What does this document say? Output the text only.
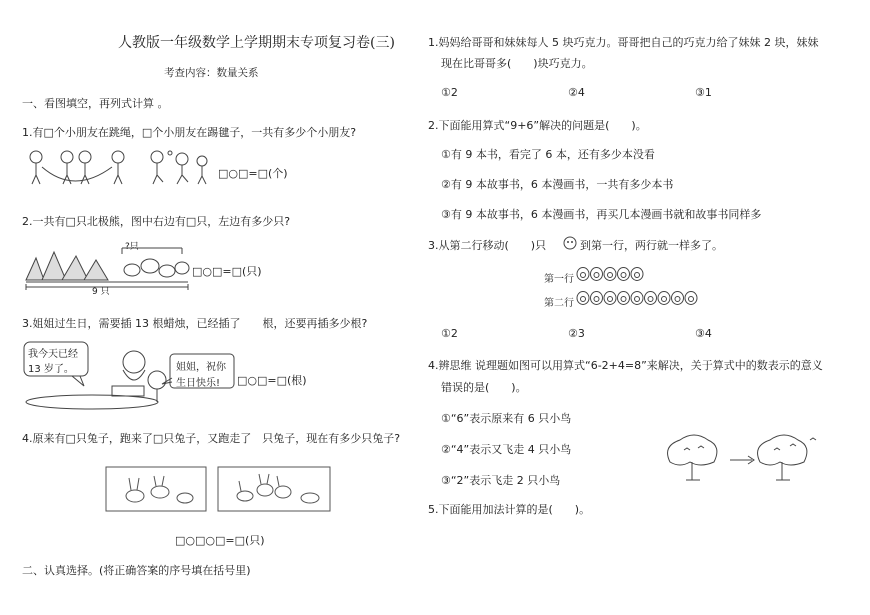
人教版一年级数学上学期期末专项复习卷(三)
考查内容：数量关系
一、看图填空，再列式计算 。
1.有□个小朋友在跳绳，□个小朋友在踢毽子，一共有多少个小朋友?
□○□=□(个)
2.一共有□只北极熊，图中右边有□只，左边有多少只?
?只
9 只
□○□=□(只)
3.姐姐过生日，需要插 13 根蜡烛，已经插了　　根，还要再插多少根?
我今天已经
13 岁了。	姐姐，祝你
生日快乐! □○□=□(根)
4.原来有□只兔子，跑来了□只兔子，又跑走了　只兔子，现在有多少只兔子?
□○□○□=□(只)
二、认真选择。(将正确答案的序号填在括号里)
1.妈妈给哥哥和妹妹每人 5 块巧克力。哥哥把自己的巧克力给了妹妹 2 块，妹妹
现在比哥哥多(　　)块巧克力。
①2	②4	③1
2.下面能用算式“9+6”解决的问题是(　　)。
①有 9 本书，看完了 6 本，还有多少本没看
②有 9 本故事书，6 本漫画书，一共有多少本书
③有 9 本故事书，6 本漫画书，再买几本漫画书就和故事书同样多
3.从第二行移动(　　)只	到第一行，两行就一样多了。
第一行
第二行
①2	②3	③4
4.辨思维 说理题如图可以用算式“6-2+4=8”来解决，关于算式中的数表示的意义
错误的是(　　)。
①“6”表示原来有 6 只小鸟
②“4”表示又飞走 4 只小鸟
③“2”表示飞走 2 只小鸟
5.下面能用加法计算的是(　　)。
